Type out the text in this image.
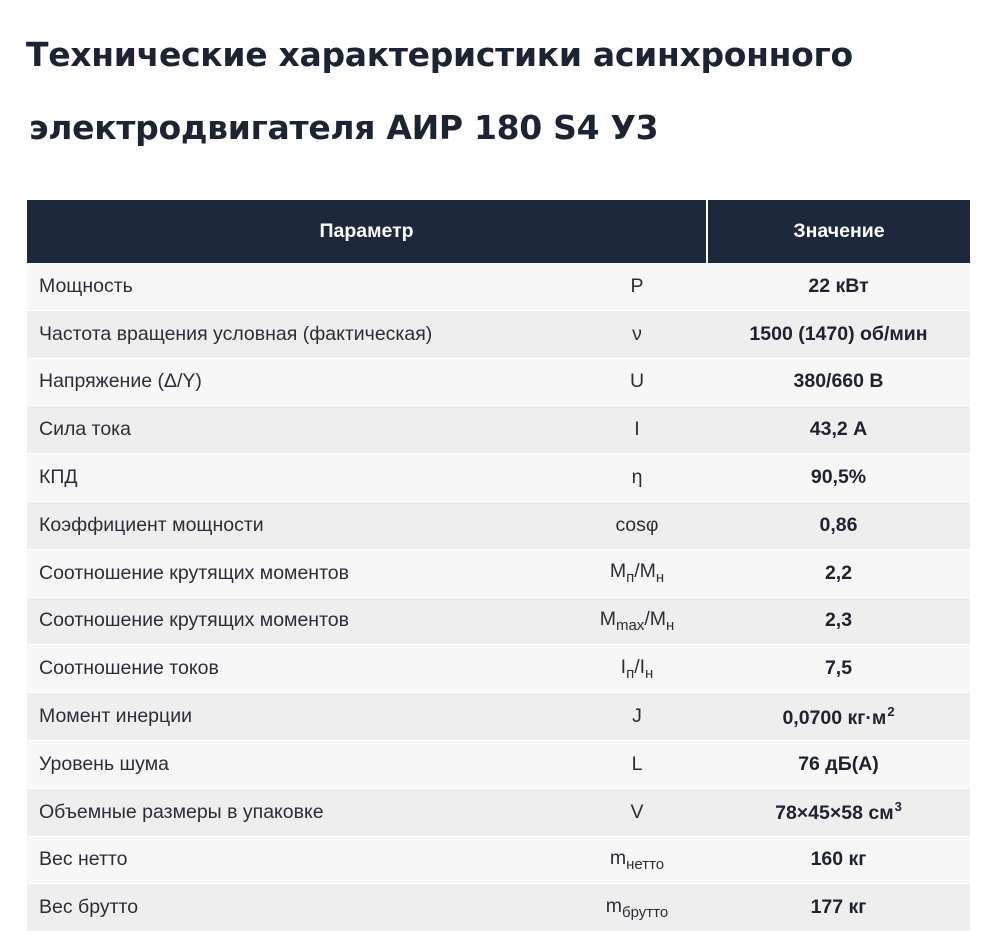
Технические характеристики асинхронного
электродвигателя АИР 180 S4 У3
Параметр		Значение
Мощность	P	22 кВт
Частота вращения условная (фактическая)	ν	1500 (1470) об/мин
Напряжение (Δ/Y)	U	380/660 В
Сила тока	I	43,2 А
КПД	η	90,5%
Коэффициент мощности	cosφ	0,86
Соотношение крутящих моментов	$M_п/M_н$	2,2
Соотношение крутящих моментов	$M_{max}/M_н$	2,3
Соотношение токов	$I_п/I_н$	7,5
Момент инерции	J	0,0700 $кг\cdot м^2$
Уровень шума	L	76 дБ(А)
Объемные размеры в упаковке	V	78×45×58 $см^3$
Вес нетто	$m_{нетто}$	160 кг
Вес брутто	$m_{брутто}$	177 кг
